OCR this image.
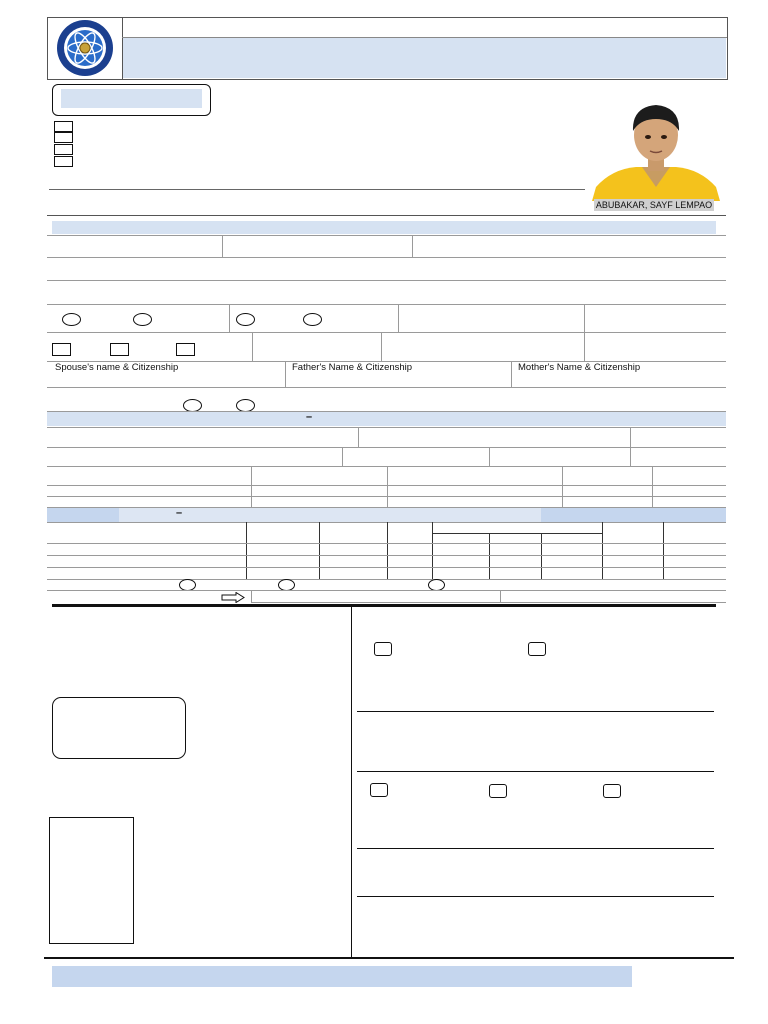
ABUBAKAR, SAYF LEMPAO
Spouse's name & Citizenship	Father's Name & Citizenship	Mother's Name & Citizenship
–
–
